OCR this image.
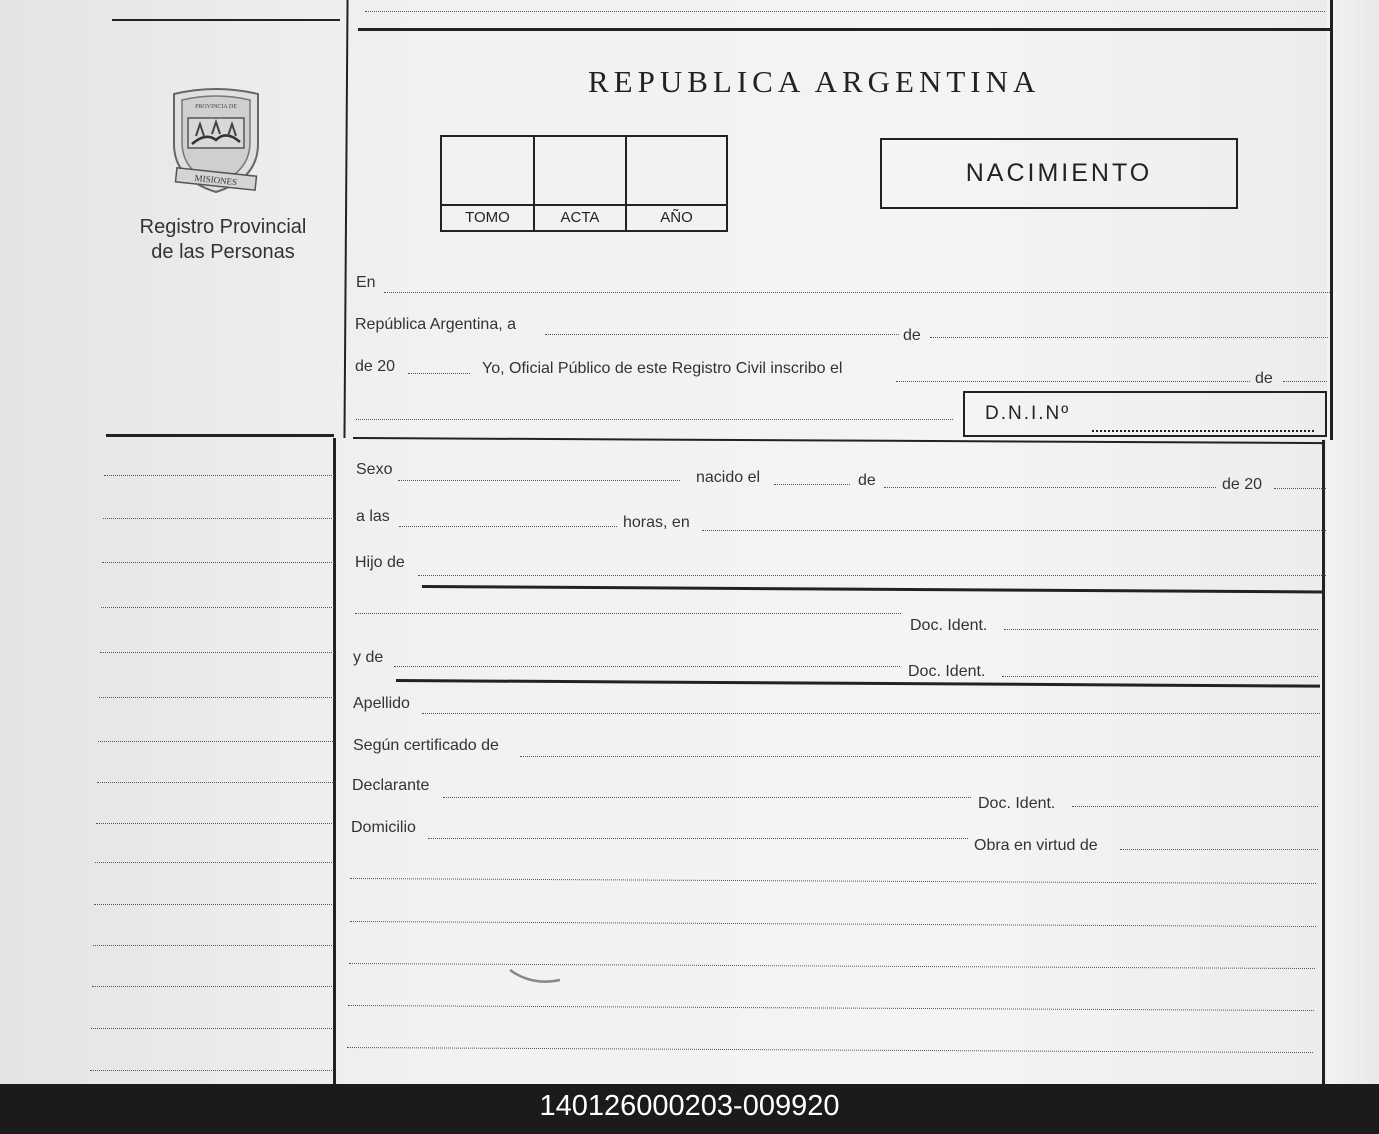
MISIONES
PROVINCIA DE
Registro Provincial
de las Personas
REPUBLICA ARGENTINA
TOMO	ACTA	AÑO
NACIMIENTO
En
República Argentina, a
de
de 20	Yo, Oficial Público de este Registro Civil inscribo el
de
D.N.I.Nº
Sexo	nacido el	de	de 20
a las	horas, en
Hijo de
Doc. Ident.
y de
Doc. Ident.
Apellido
Según certificado de
Declarante
Doc. Ident.
Domicilio
Obra en virtud de
140126000203-009920
